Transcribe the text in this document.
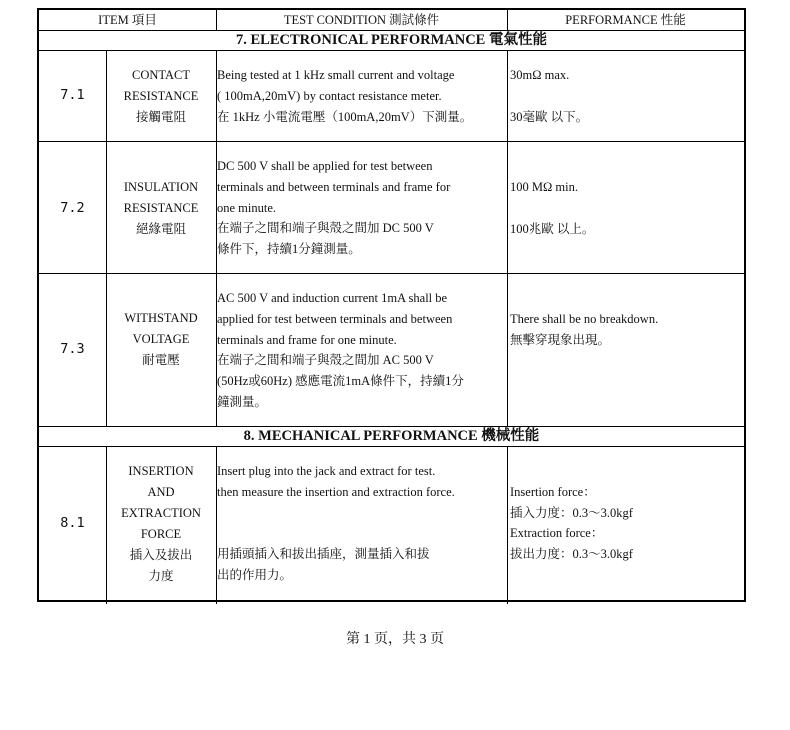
ITEM 項目	TEST CONDITION 測試條件	PERFORMANCE 性能
7. ELECTRONICAL PERFORMANCE 電氣性能
7.1
CONTACT
RESISTANCE
接觸電阻
Being tested at 1 kHz small current and voltage
( 100mA,20mV) by contact resistance meter.
在 1kHz 小電流電壓（100mA,20mV）下測量。
30mΩ max.

30毫歐 以下。
7.2
INSULATION
RESISTANCE
絕緣電阻
DC 500 V shall be applied for test between
terminals and between terminals and frame for
one minute.
在端子之間和端子與殼之間加 DC 500 V
條件下，持續1分鐘測量。
100 MΩ min.

100兆歐 以上。
7.3
WITHSTAND
VOLTAGE
耐電壓
AC 500 V and induction current 1mA shall be
applied for test between terminals and between
terminals and frame for one minute.
在端子之間和端子與殼之間加 AC 500 V
(50Hz或60Hz) 感應電流1mA條件下，持續1分
鐘測量。
There shall be no breakdown.
無擊穿現象出現。
8. MECHANICAL PERFORMANCE 機械性能
8.1
INSERTION
AND
EXTRACTION
FORCE
插入及拔出
力度
Insert plug into the jack and extract for test.
then measure the insertion and extraction force.

用插頭插入和拔出插座，測量插入和拔
出的作用力。

Insertion force：
插入力度：0.3～3.0kgf
Extraction force：
拔出力度：0.3～3.0kgf
第 1 页，共 3 页
